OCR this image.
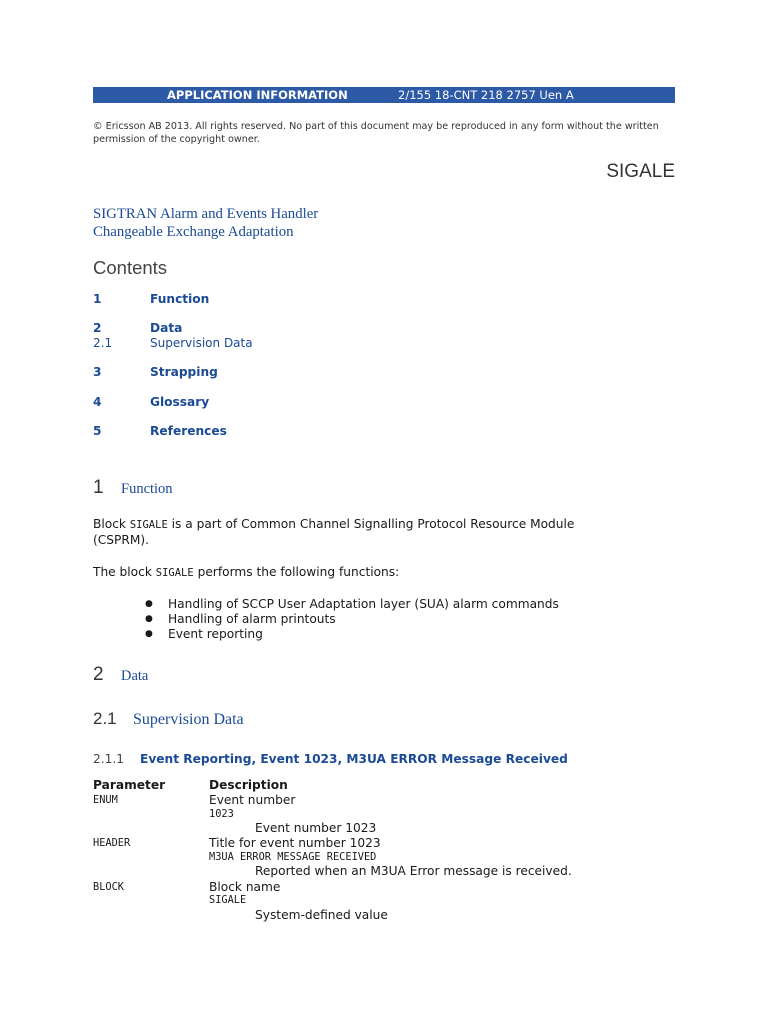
APPLICATION INFORMATION	2/155 18-CNT 218 2757 Uen A
© Ericsson AB 2013. All rights reserved. No part of this document may be reproduced in any form without the written permission of the copyright owner.
SIGALE
SIGTRAN Alarm and Events Handler
Changeable Exchange Adaptation
Contents
1	Function
2	Data
2.1	Supervision Data
3	Strapping
4	Glossary
5	References
1 Function
Block SIGALE is a part of Common Channel Signalling Protocol Resource Module (CSPRM).
The block SIGALE performs the following functions:
● Handling of SCCP User Adaptation layer (SUA) alarm commands
● Handling of alarm printouts
● Event reporting
2 Data
2.1 Supervision Data
2.1.1 Event Reporting, Event 1023, M3UA ERROR Message Received
Parameter	Description
ENUM	Event number
1023
Event number 1023
HEADER	Title for event number 1023
M3UA ERROR MESSAGE RECEIVED
Reported when an M3UA Error message is received.
BLOCK	Block name
SIGALE
System-defined value
